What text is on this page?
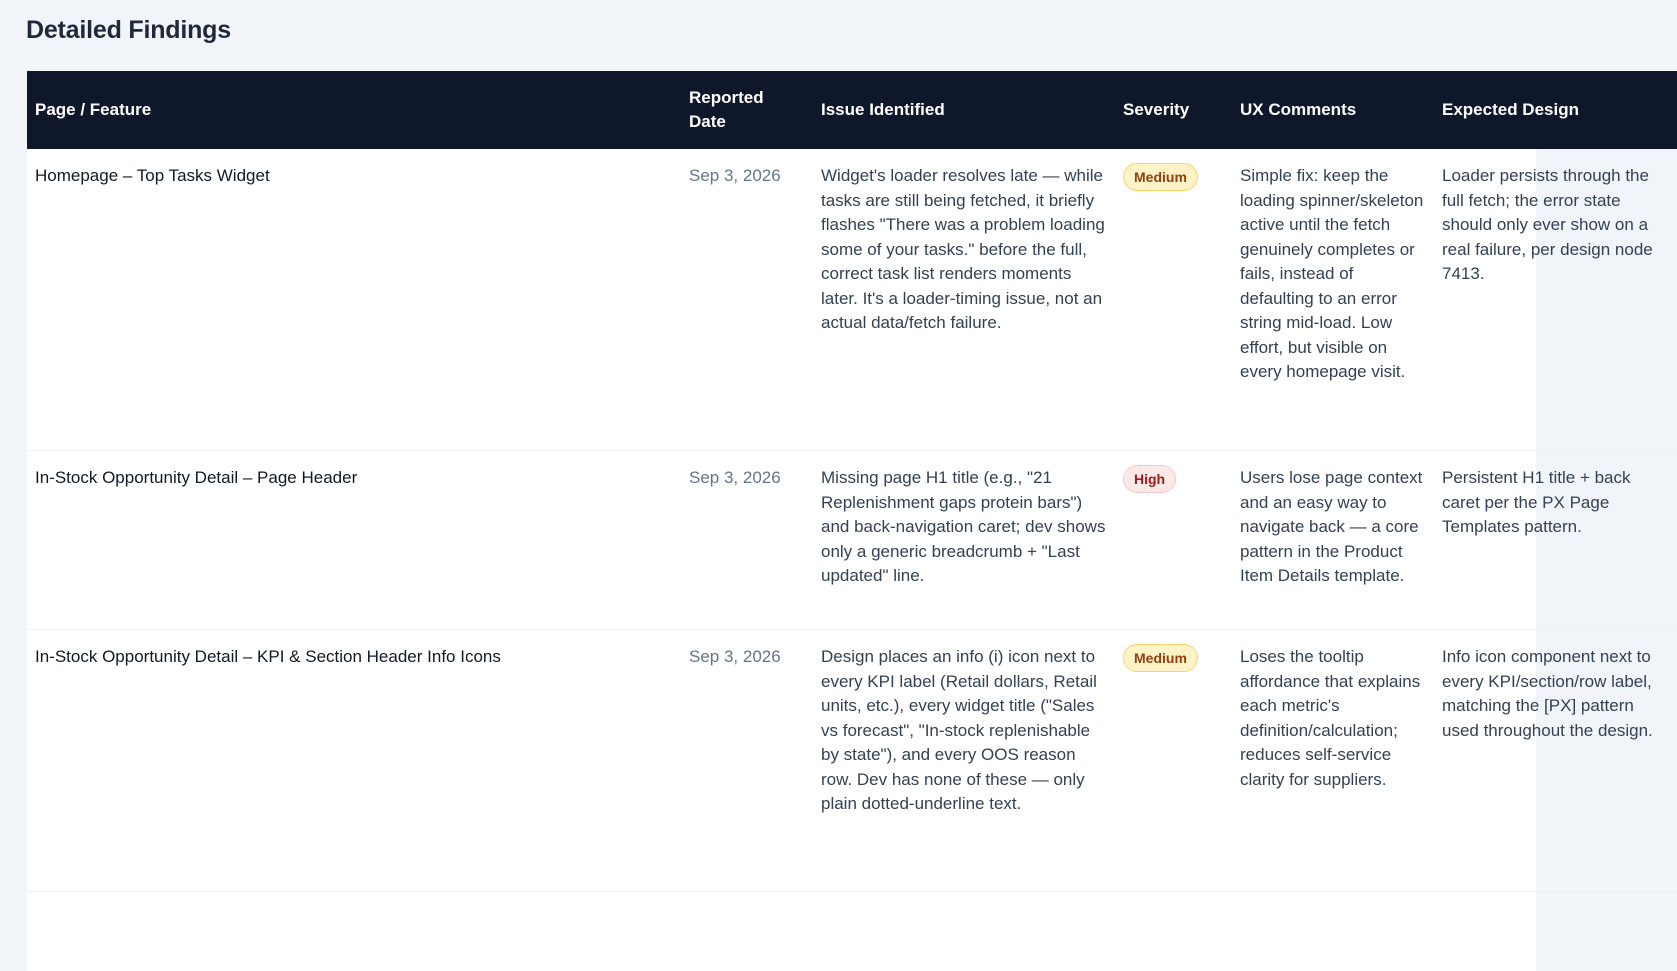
Detailed Findings
Page / Feature	Reported Date	Issue Identified	Severity	UX Comments	Expected Design
Homepage – Top Tasks Widget	Sep 3, 2026	Widget's loader resolves late — while tasks are still being fetched, it briefly flashes "There was a problem loading some of your tasks." before the full, correct task list renders moments later. It's a loader-timing issue, not an actual data/fetch failure.	Medium	Simple fix: keep the loading spinner/skeleton active until the fetch genuinely completes or fails, instead of defaulting to an error string mid-load. Low effort, but visible on every homepage visit.	Loader persists through the full fetch; the error state should only ever show on a real failure, per design node 7413.
In-Stock Opportunity Detail – Page Header	Sep 3, 2026	Missing page H1 title (e.g., "21 Replenishment gaps protein bars") and back-navigation caret; dev shows only a generic breadcrumb + "Last updated" line.	High	Users lose page context and an easy way to navigate back — a core pattern in the Product Item Details template.	Persistent H1 title + back caret per the PX Page Templates pattern.
In-Stock Opportunity Detail – KPI & Section Header Info Icons	Sep 3, 2026	Design places an info (i) icon next to every KPI label (Retail dollars, Retail units, etc.), every widget title ("Sales vs forecast", "In-stock replenishable by state"), and every OOS reason row. Dev has none of these — only plain dotted-underline text.	Medium	Loses the tooltip affordance that explains each metric's definition/calculation; reduces self-service clarity for suppliers.	Info icon component next to every KPI/section/row label, matching the [PX] pattern used throughout the design.
